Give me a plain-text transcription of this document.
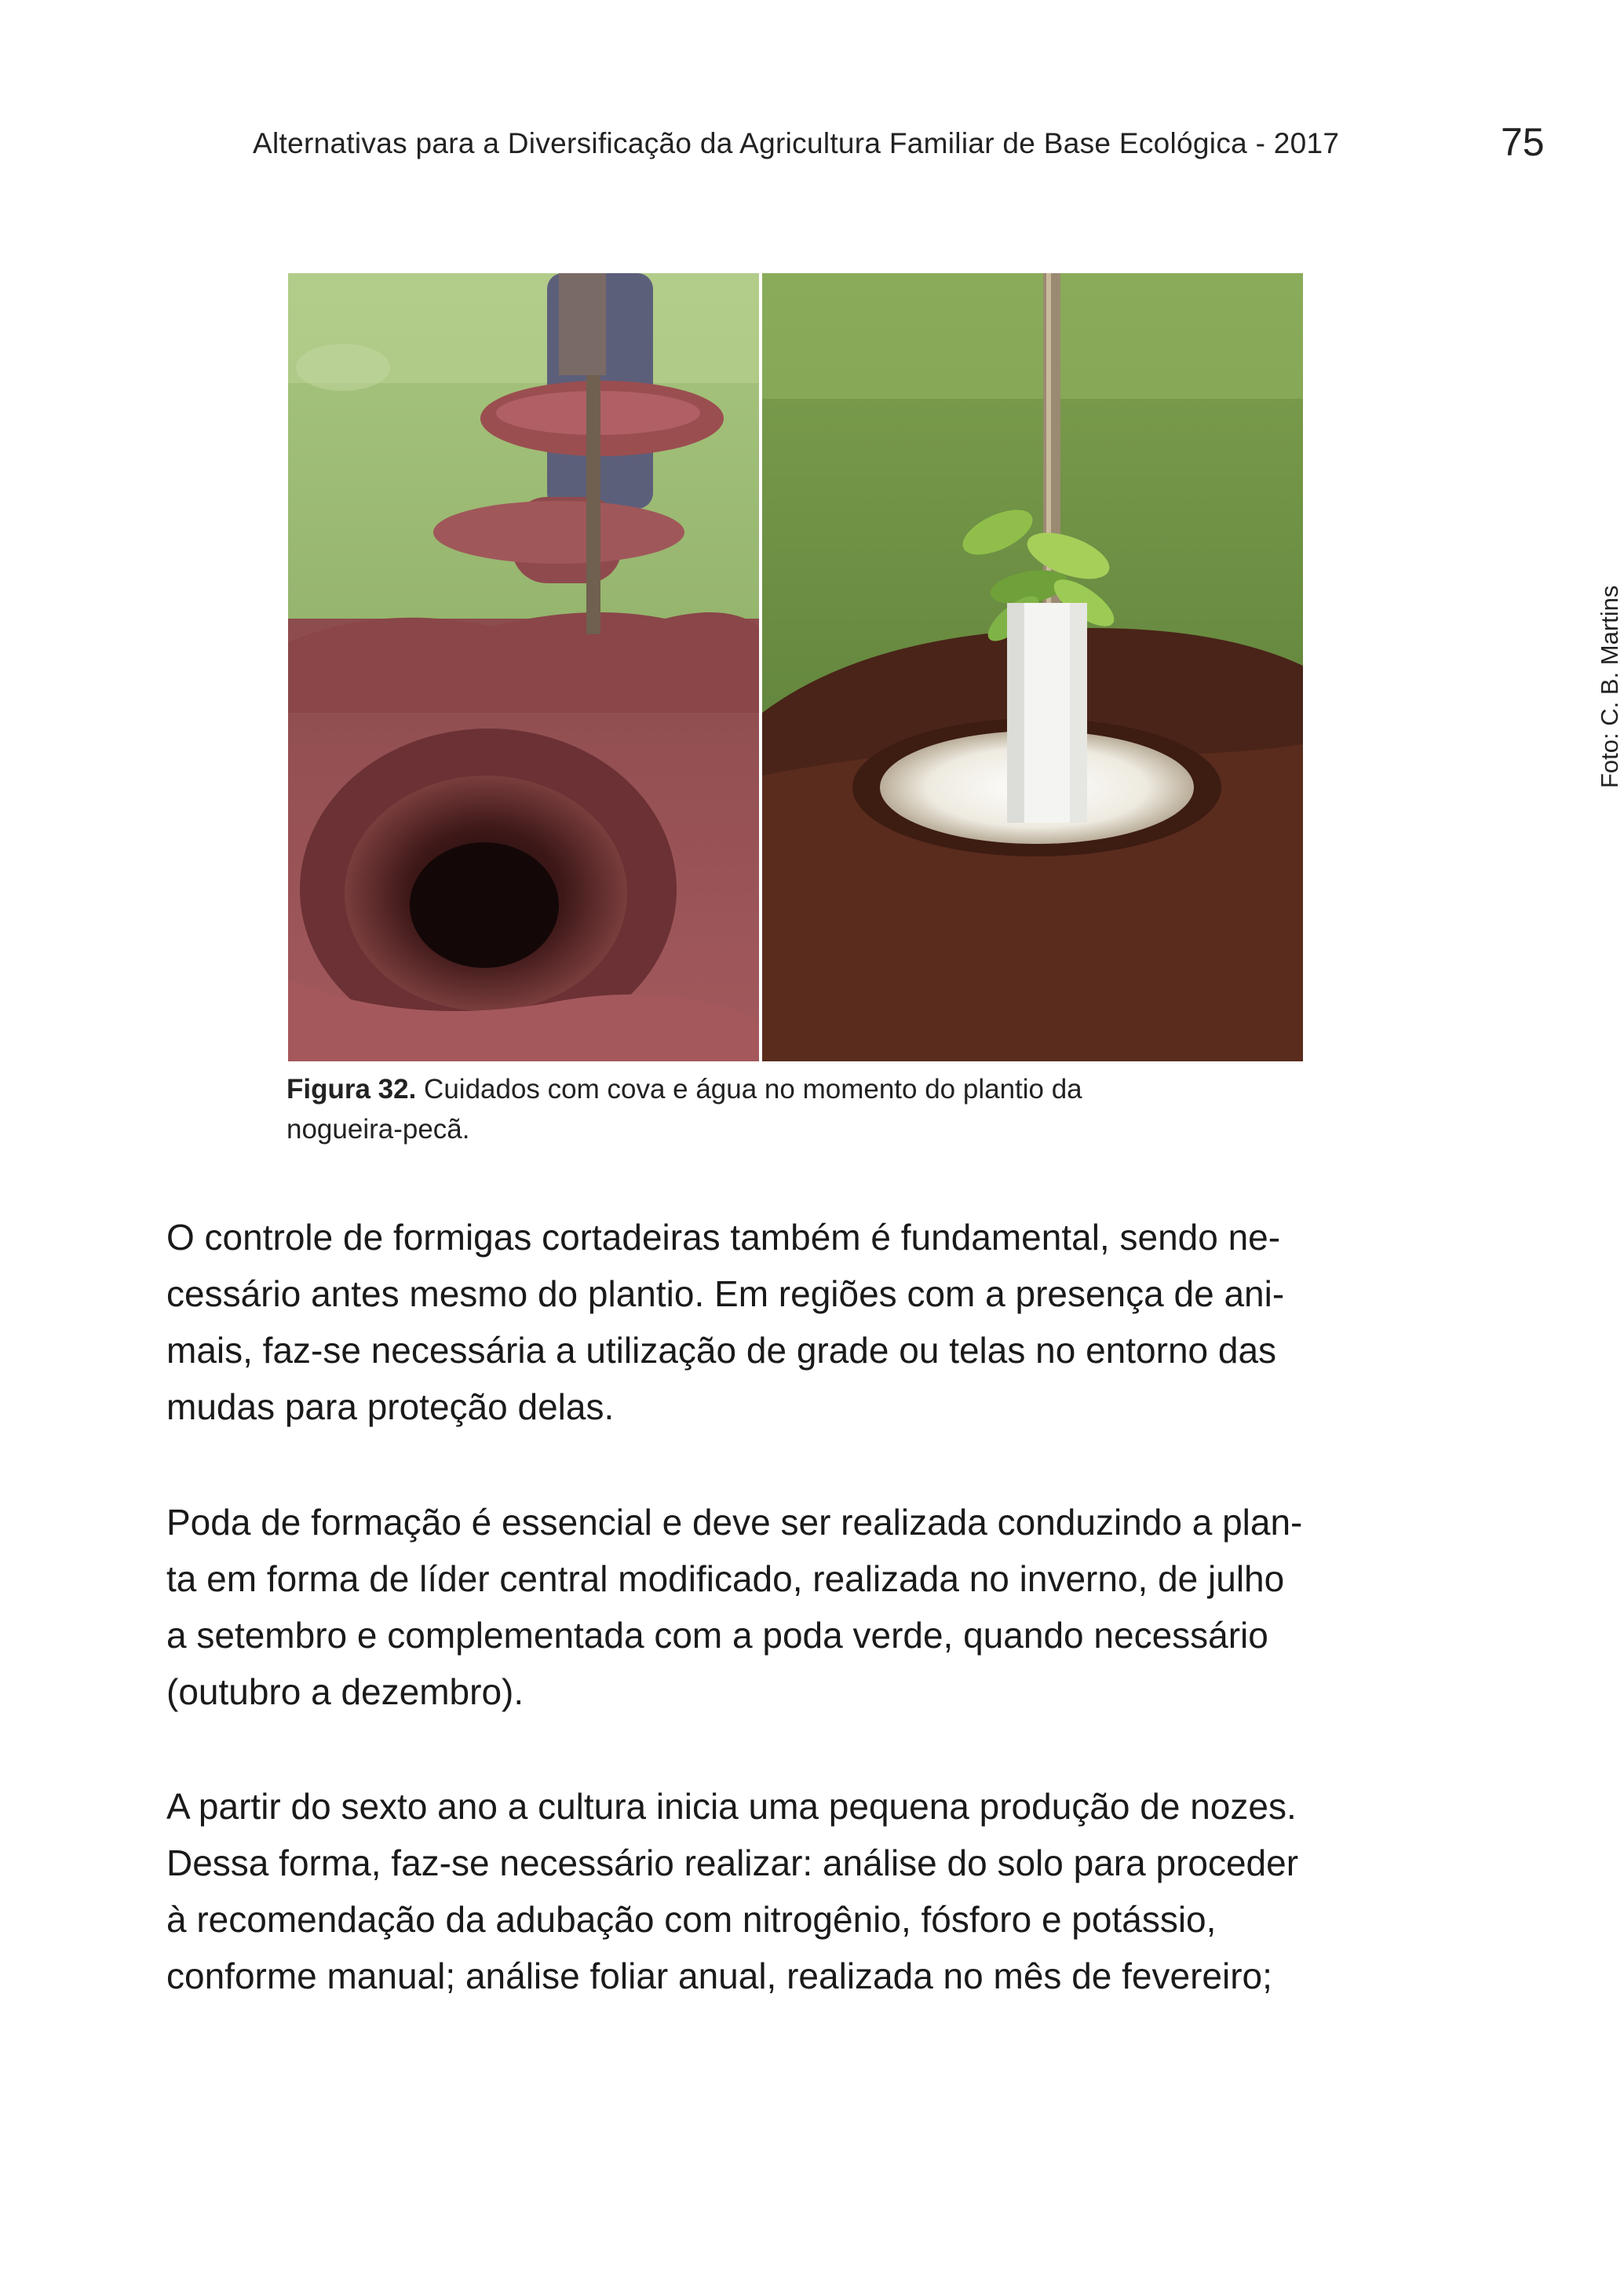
Alternativas para a Diversificação da Agricultura Familiar de Base Ecológica - 2017	75
Foto: C. B. Martins
Figura 32. Cuidados com cova e água no momento do plantio da
nogueira-pecã.
O controle de formigas cortadeiras também é fundamental, sendo ne-
cessário antes mesmo do plantio. Em regiões com a presença de ani-
mais, faz-se necessária a utilização de grade ou telas no entorno das
mudas para proteção delas.
Poda de formação é essencial e deve ser realizada conduzindo a plan-
ta em forma de líder central modificado, realizada no inverno, de julho
a setembro e complementada com a poda verde, quando necessário
(outubro a dezembro).
A partir do sexto ano a cultura inicia uma pequena produção de nozes.
Dessa forma, faz-se necessário realizar: análise do solo para proceder
à recomendação da adubação com nitrogênio, fósforo e potássio,
conforme manual; análise foliar anual, realizada no mês de fevereiro;
